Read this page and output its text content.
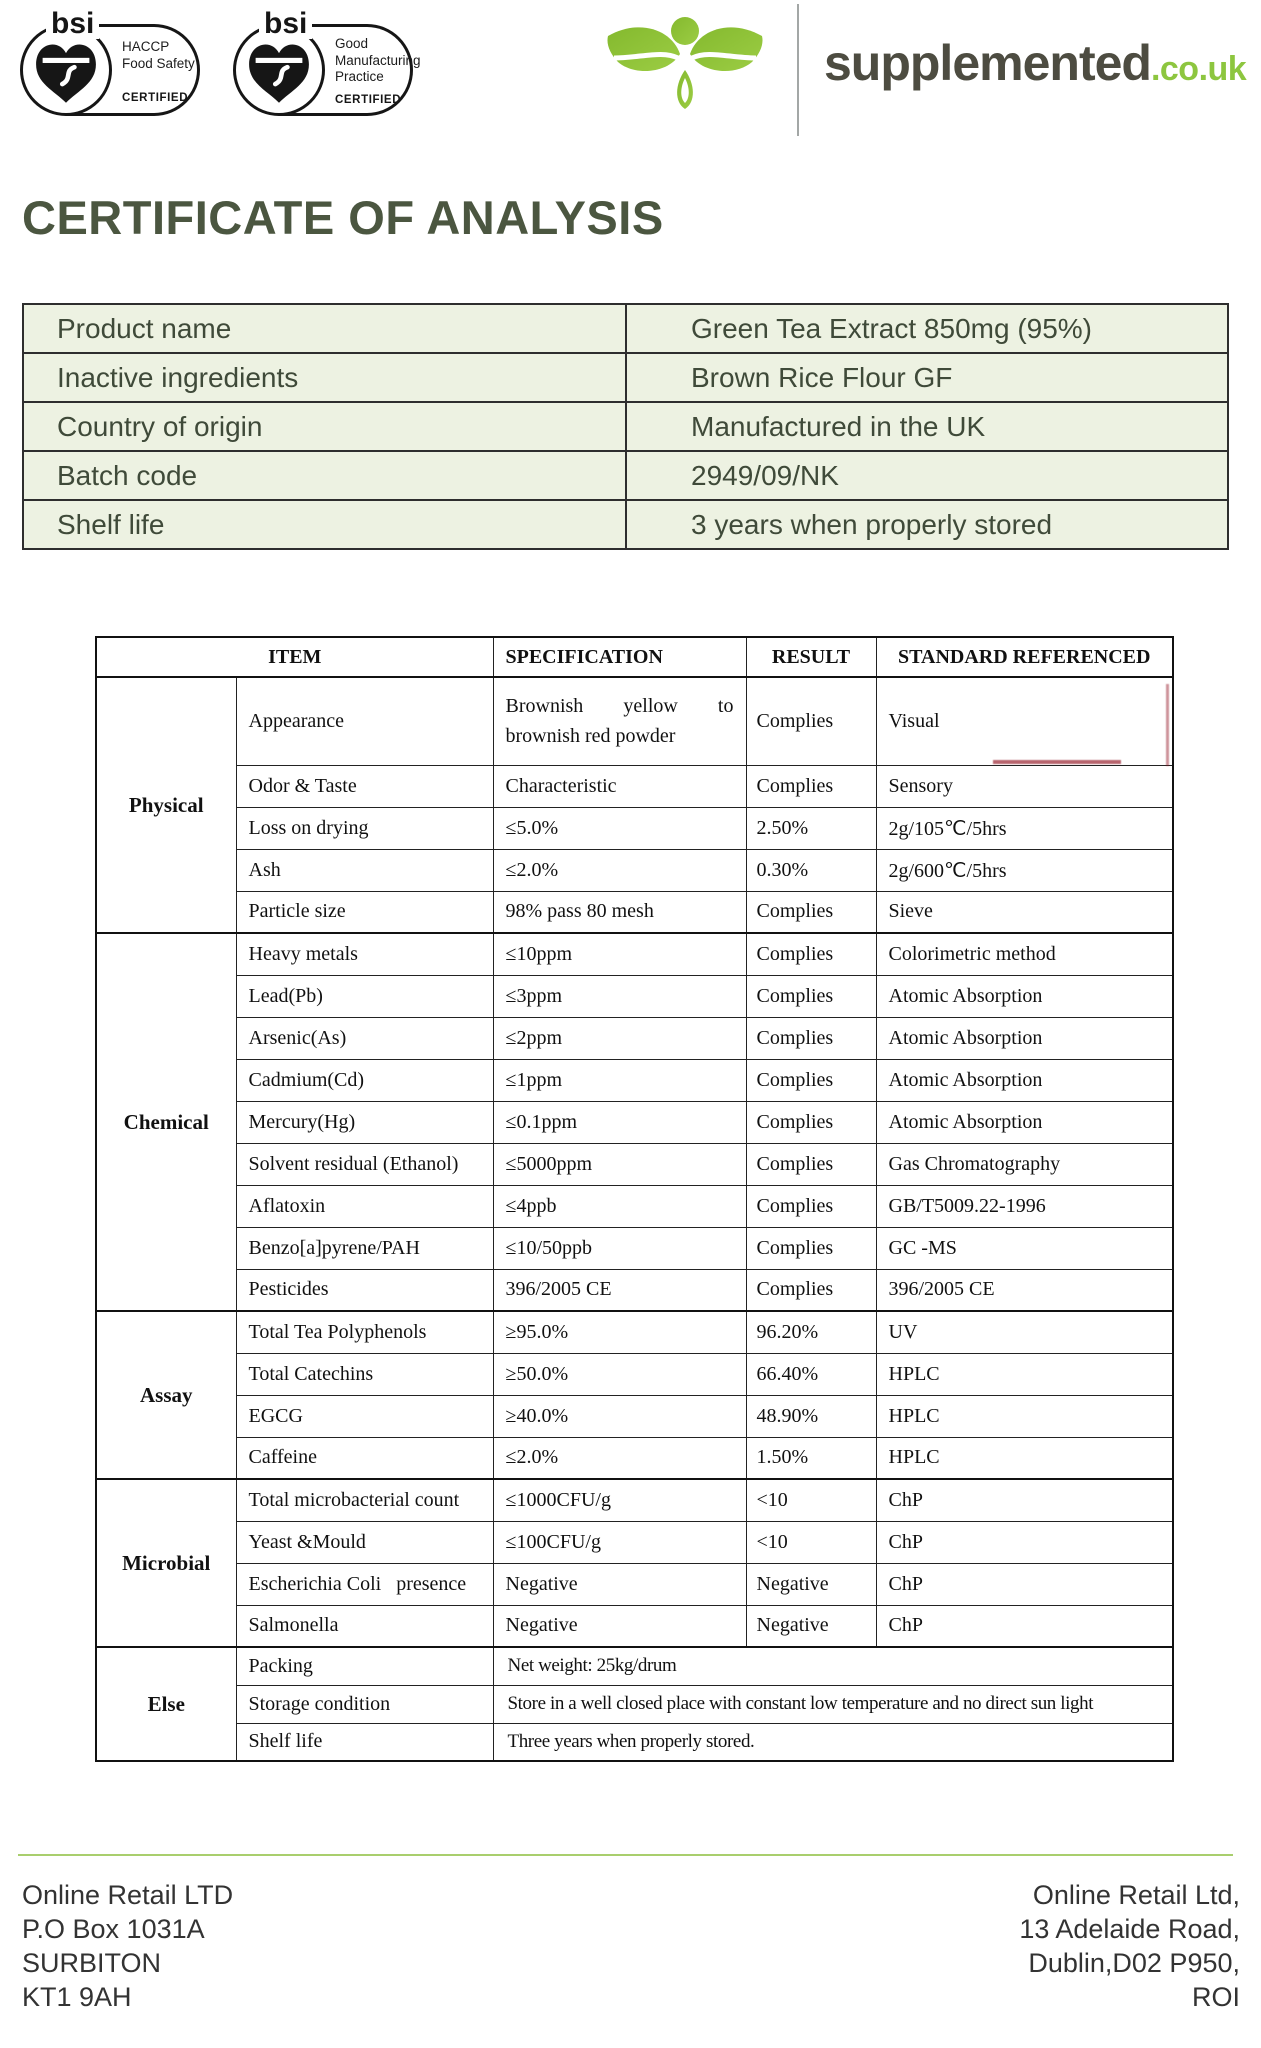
bsi
HACCP
Food Safety
CERTIFIED
bsi
Good
Manufacturing
Practice
CERTIFIED
supplemented .co.uk
CERTIFICATE OF ANALYSIS
Product name	Green Tea Extract 850mg (95%)
Inactive ingredients	Brown Rice Flour GF
Country of origin	Manufactured in the UK
Batch code	2949/09/NK
Shelf life	3 years when properly stored
ITEM		SPECIFICATION	RESULT	STANDARD REFERENCED
Physical	Appearance	Brownish yellow to brownish red powder	Complies	Visual
	Odor & Taste	Characteristic	Complies	Sensory
	Loss on drying	≤5.0%	2.50%	2g/105℃/5hrs
	Ash	≤2.0%	0.30%	2g/600℃/5hrs
	Particle size	98% pass 80 mesh	Complies	Sieve
Chemical	Heavy metals	≤10ppm	Complies	Colorimetric method
	Lead(Pb)	≤3ppm	Complies	Atomic Absorption
	Arsenic(As)	≤2ppm	Complies	Atomic Absorption
	Cadmium(Cd)	≤1ppm	Complies	Atomic Absorption
	Mercury(Hg)	≤0.1ppm	Complies	Atomic Absorption
	Solvent residual (Ethanol)	≤5000ppm	Complies	Gas Chromatography
	Aflatoxin	≤4ppb	Complies	GB/T5009.22-1996
	Benzo[a]pyrene/PAH	≤10/50ppb	Complies	GC -MS
	Pesticides	396/2005 CE	Complies	396/2005 CE
Assay	Total Tea Polyphenols	≥95.0%	96.20%	UV
	Total Catechins	≥50.0%	66.40%	HPLC
	EGCG	≥40.0%	48.90%	HPLC
	Caffeine	≤2.0%	1.50%	HPLC
Microbial	Total microbacterial count	≤1000CFU/g	<10	ChP
	Yeast &Mould	≤100CFU/g	<10	ChP
	Escherichia Coli   presence	Negative	Negative	ChP
	Salmonella	Negative	Negative	ChP
Else	Packing	Net weight: 25kg/drum		
	Storage condition	Store in a well closed place with constant low temperature and no direct sun light		
	Shelf life	Three years when properly stored.		
Online Retail LTD
P.O Box 1031A
SURBITON
KT1 9AH
Online Retail Ltd,
13 Adelaide Road,
Dublin,D02 P950,
ROI
